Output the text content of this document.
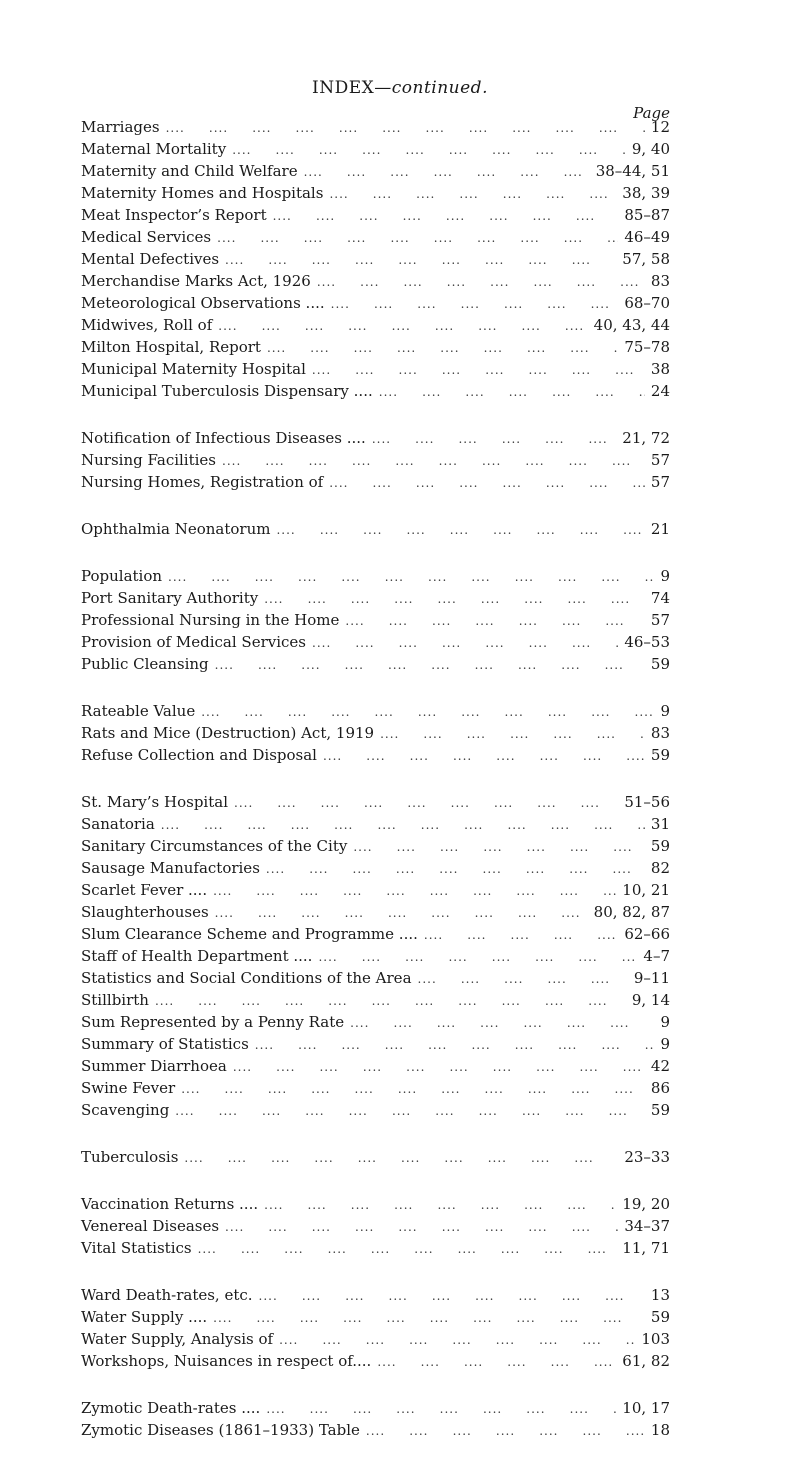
INDEX—continued.
Page
Marriages ....	12
Maternal Mortality ....	9, 40
Maternity and Child Welfare ....	38–44, 51
Maternity Homes and Hospitals ....	38, 39
Meat Inspector’s Report ....	85–87
Medical Services ....	46–49
Mental Defectives ....	57, 58
Merchandise Marks Act, 1926 ....	83
Meteorological Observations .... ....	68–70
Midwives, Roll of ....	40, 43, 44
Milton Hospital, Report ....	75–78
Municipal Maternity Hospital ....	38
Municipal Tuberculosis Dispensary .... ....	24
Notification of Infectious Diseases .... ....	21, 72
Nursing Facilities ....	57
Nursing Homes, Registration of ....	57
Ophthalmia Neonatorum ....	21
Population ....	9
Port Sanitary Authority ....	74
Professional Nursing in the Home ....	57
Provision of Medical Services ....	46–53
Public Cleansing ....	59
Rateable Value ....	9
Rats and Mice (Destruction) Act, 1919 ....	83
Refuse Collection and Disposal ....	59
St. Mary’s Hospital ....	51–56
Sanatoria ....	31
Sanitary Circumstances of the City ....	59
Sausage Manufactories ....	82
Scarlet Fever .... ....	10, 21
Slaughterhouses ....	80, 82, 87
Slum Clearance Scheme and Programme .... ....	62–66
Staff of Health Department .... ....	4–7
Statistics and Social Conditions of the Area ....	9–11
Stillbirth ....	9, 14
Sum Represented by a Penny Rate ....	9
Summary of Statistics ....	9
Summer Diarrhoea ....	42
Swine Fever ....	86
Scavenging ....	59
Tuberculosis ....	23–33
Vaccination Returns .... ....	19, 20
Venereal Diseases ....	34–37
Vital Statistics ....	11, 71
Ward Death-rates, etc. ....	13
Water Supply .... ....	59
Water Supply, Analysis of ....	103
Workshops, Nuisances in respect of.... ....	61, 82
Zymotic Death-rates .... ....	10, 17
Zymotic Diseases (1861–1933) Table ....	18
